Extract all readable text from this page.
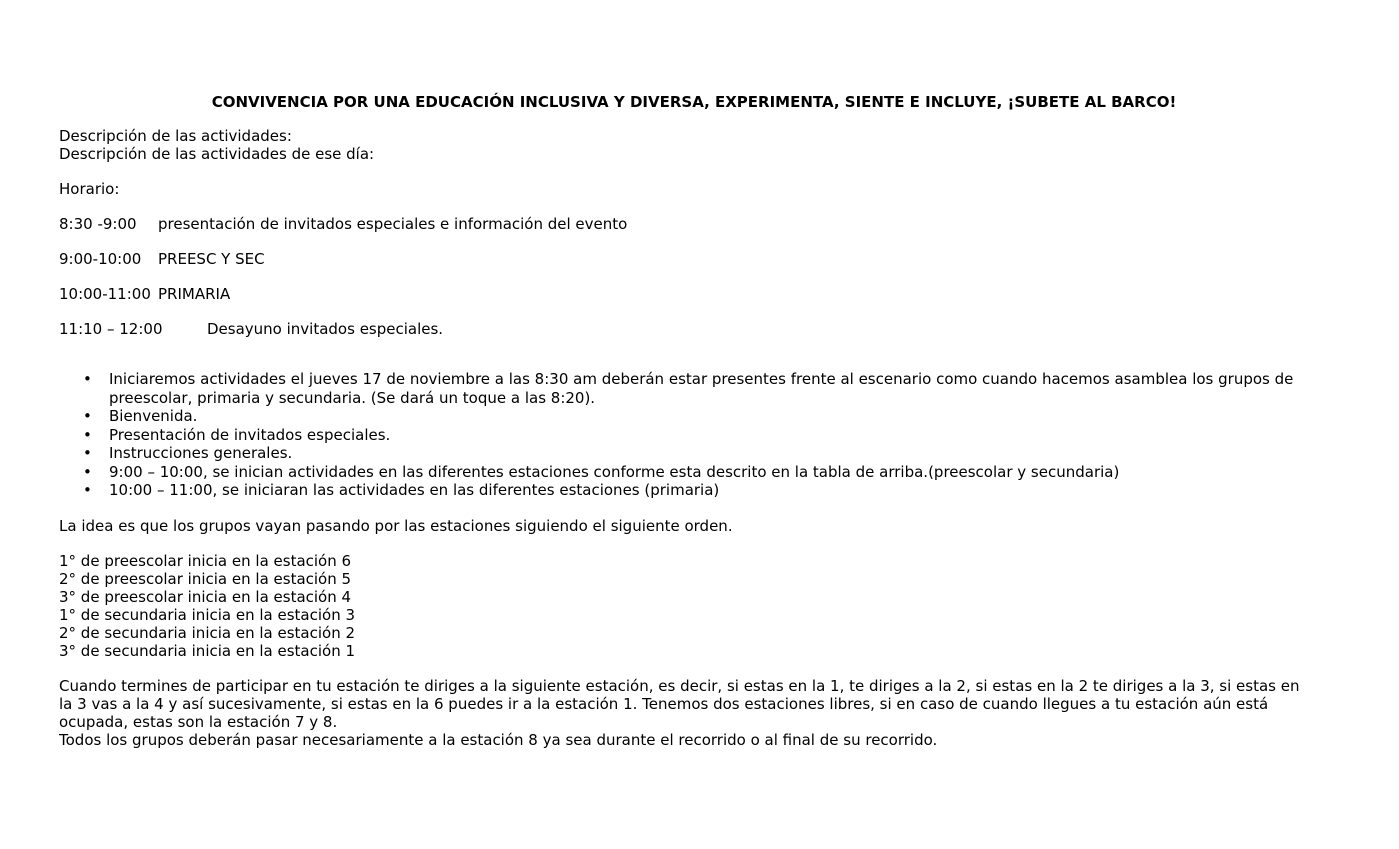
CONVIVENCIA POR UNA EDUCACIÓN INCLUSIVA Y DIVERSA, EXPERIMENTA, SIENTE E INCLUYE, ¡SUBETE AL BARCO!
Descripción de las actividades:
Descripción de las actividades de ese día:
Horario:
8:30 -9:00	presentación de invitados especiales e información del evento
9:00-10:00	PREESC Y SEC
10:00-11:00 PRIMARIA
11:10 – 12:00	Desayuno invitados especiales.
• Iniciaremos actividades el jueves 17 de noviembre a las 8:30 am deberán estar presentes frente al escenario como cuando hacemos asamblea los grupos de preescolar, primaria y secundaria. (Se dará un toque a las 8:20).
• Bienvenida.
• Presentación de invitados especiales.
• Instrucciones generales.
• 9:00 – 10:00, se inician actividades en las diferentes estaciones conforme esta descrito en la tabla de arriba.(preescolar y secundaria)
• 10:00 – 11:00, se iniciaran las actividades en las diferentes estaciones (primaria)
La idea es que los grupos vayan pasando por las estaciones siguiendo el siguiente orden.
1° de preescolar inicia en la estación 6
2° de preescolar inicia en la estación 5
3° de preescolar inicia en la estación 4
1° de secundaria inicia en la estación 3
2° de secundaria inicia en la estación 2
3° de secundaria inicia en la estación 1
Cuando termines de participar en tu estación te diriges a la siguiente estación, es decir, si estas en la 1, te diriges a la 2, si estas en la 2 te diriges a la 3, si estas en
la 3 vas a la 4 y así sucesivamente, si estas en la 6 puedes ir a la estación 1. Tenemos dos estaciones libres, si en caso de cuando llegues a tu estación aún está
ocupada, estas son la estación 7 y 8.
Todos los grupos deberán pasar necesariamente a la estación 8 ya sea durante el recorrido o al final de su recorrido.
